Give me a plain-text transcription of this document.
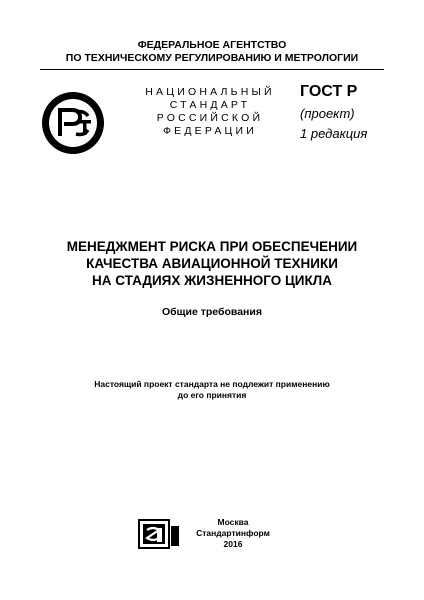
ФЕДЕРАЛЬНОЕ АГЕНТСТВО
ПО ТЕХНИЧЕСКОМУ РЕГУЛИРОВАНИЮ И МЕТРОЛОГИИ
НАЦИОНАЛЬНЫЙ
СТАНДАРТ
РОССИЙСКОЙ
ФЕДЕРАЦИИ
ГОСТ Р
(проект)
1 редакция
МЕНЕДЖМЕНТ РИСКА ПРИ ОБЕСПЕЧЕНИИ
КАЧЕСТВА АВИАЦИОННОЙ ТЕХНИКИ
НА СТАДИЯХ ЖИЗНЕННОГО ЦИКЛА
Общие требования
Настоящий проект стандарта не подлежит применению
до его принятия
Москва
Стандартинформ
2016
